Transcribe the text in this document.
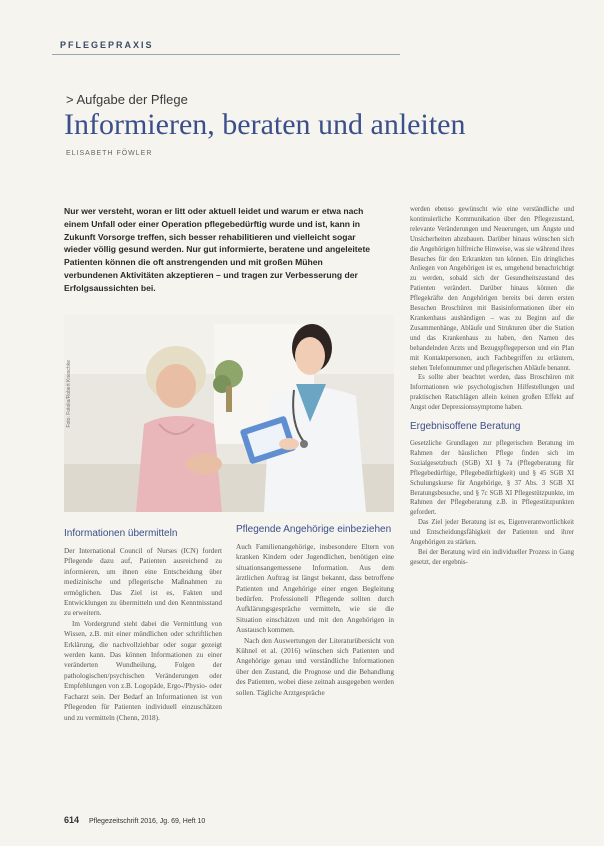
PFLEGEPRAXIS
> Aufgabe der Pflege
Informieren, beraten und anleiten
ELISABETH FÖWLER
Nur wer versteht, woran er litt oder aktuell leidet und warum er etwa nach einem Unfall oder einer Operation pflegebedürftig wurde und ist, kann in Zukunft Vorsorge treffen, sich besser rehabilitieren und vielleicht sogar wieder völlig gesund werden. Nur gut informierte, beratene und angeleitete Patienten können die oft anstrengenden und mit großen Mühen verbundenen Aktivitäten akzeptieren – und tragen zur Verbesserung der Erfolgsaussichten bei.
Foto: Fotolia/Robert Kneschke
Informationen übermitteln

Der International Council of Nurses (ICN) fordert Pflegende dazu auf, Patienten ausreichend zu informieren, um ihnen eine Entscheidung über medizinische und pflegerische Maßnahmen zu ermöglichen. Das Ziel ist es, Fakten und Entwicklungen zu übermitteln und den Kenntnisstand zu erweitern.

Im Vordergrund steht dabei die Vermittlung von Wissen, z.B. mit einer mündlichen oder schriftlichen Erklärung, die nachvollziehbar oder sogar gezeigt werden kann. Das können Informationen zu einer veränderten Wundheilung, Folgen der pathologischen/psychischen Veränderungen oder Empfehlungen von z.B. Logopäde, Ergo-/Physio- oder Facharzt sein. Der Bedarf an Informationen ist von Pflegenden für Patienten individuell einzuschätzen und zu vermitteln (Chenn, 2018).

Pflegende Angehörige einbeziehen

Auch Familienangehörige, insbesondere Eltern von kranken Kindern oder Jugendlichen, benötigen eine situationsangemessene Information. Aus dem ärztlichen Auftrag ist längst bekannt, dass betroffene Patienten und Angehörige einer engen Begleitung bedürfen. Professionell Pflegende sollten durch Aufklärungsgespräche vermitteln, wie sie die Situation einschätzen und mit den Angehörigen in Austausch kommen.

Nach den Auswertungen der Literaturübersicht von Kühnel et al. (2016) wünschen sich Patienten und Angehörige genau und verständliche Informationen über den Zustand, die Prognose und die Behandlung des Patienten, wobei diese zeitnah ausgegeben werden sollen. Tägliche Arztgespräche

werden ebenso gewünscht wie eine verständliche und kontinuierliche Kommunikation über den Pflegezustand, relevante Veränderungen und Neuerungen, um Ängste und Unsicherheiten abzubauen. Darüber hinaus wünschen sich die Angehörigen hilfreiche Hinweise, was sie während ihres Besuches für den Erkrankten tun können. Ein dringliches Anliegen von Angehörigen ist es, umgehend benachrichtigt zu werden, sobald sich der Gesundheitszustand des Patienten verändert. Darüber hinaus können die Pflegekräfte den Angehörigen bereits bei deren ersten Besuchen Broschüren mit Basisinformationen über ein Krankenhaus aushändigen – was zu Beginn auf die Zusammenhänge, Abläufe und Strukturen über die Station und das Krankenhaus zu haben, den Namen des behandelnden Arzts und Bezugspflegeperson und ein Plan mit Kontaktpersonen, auch Fachbegriffen zu erläutern, stehen Telefonnummer und pflegerischen Abläufe benannt.

Es sollte aber beachtet werden, dass Broschüren mit Informationen wie psychologischen Hilfestellungen und praktischen Ratschlägen allein keinen großen Effekt auf Angst oder Depressionssymptome haben.

Ergebnisoffene Beratung

Gesetzliche Grundlagen zur pflegerischen Beratung im Rahmen der häuslichen Pflege finden sich im Sozialgesetzbuch (SGB) XI § 7a (Pflegeberatung für Pflegebedürftige, Pflegebedürftigkeit) und § 45 SGB XI Schulungskurse für Angehörige, § 37 Abs. 3 SGB XI Beratungsbesuche, und § 7c SGB XI Pflegestützpunkte, im Rahmen der Pflegeberatung z.B. in Pflegestützpunkten gefordert.

Das Ziel jeder Beratung ist es, Eigenverantwortlichkeit und Entscheidungsfähigkeit der Patienten und ihrer Angehörigen zu stärken.

Bei der Beratung wird ein individueller Prozess in Gang gesetzt, der ergebnis-

614 Pflegezeitschrift 2016, Jg. 69, Heft 10
